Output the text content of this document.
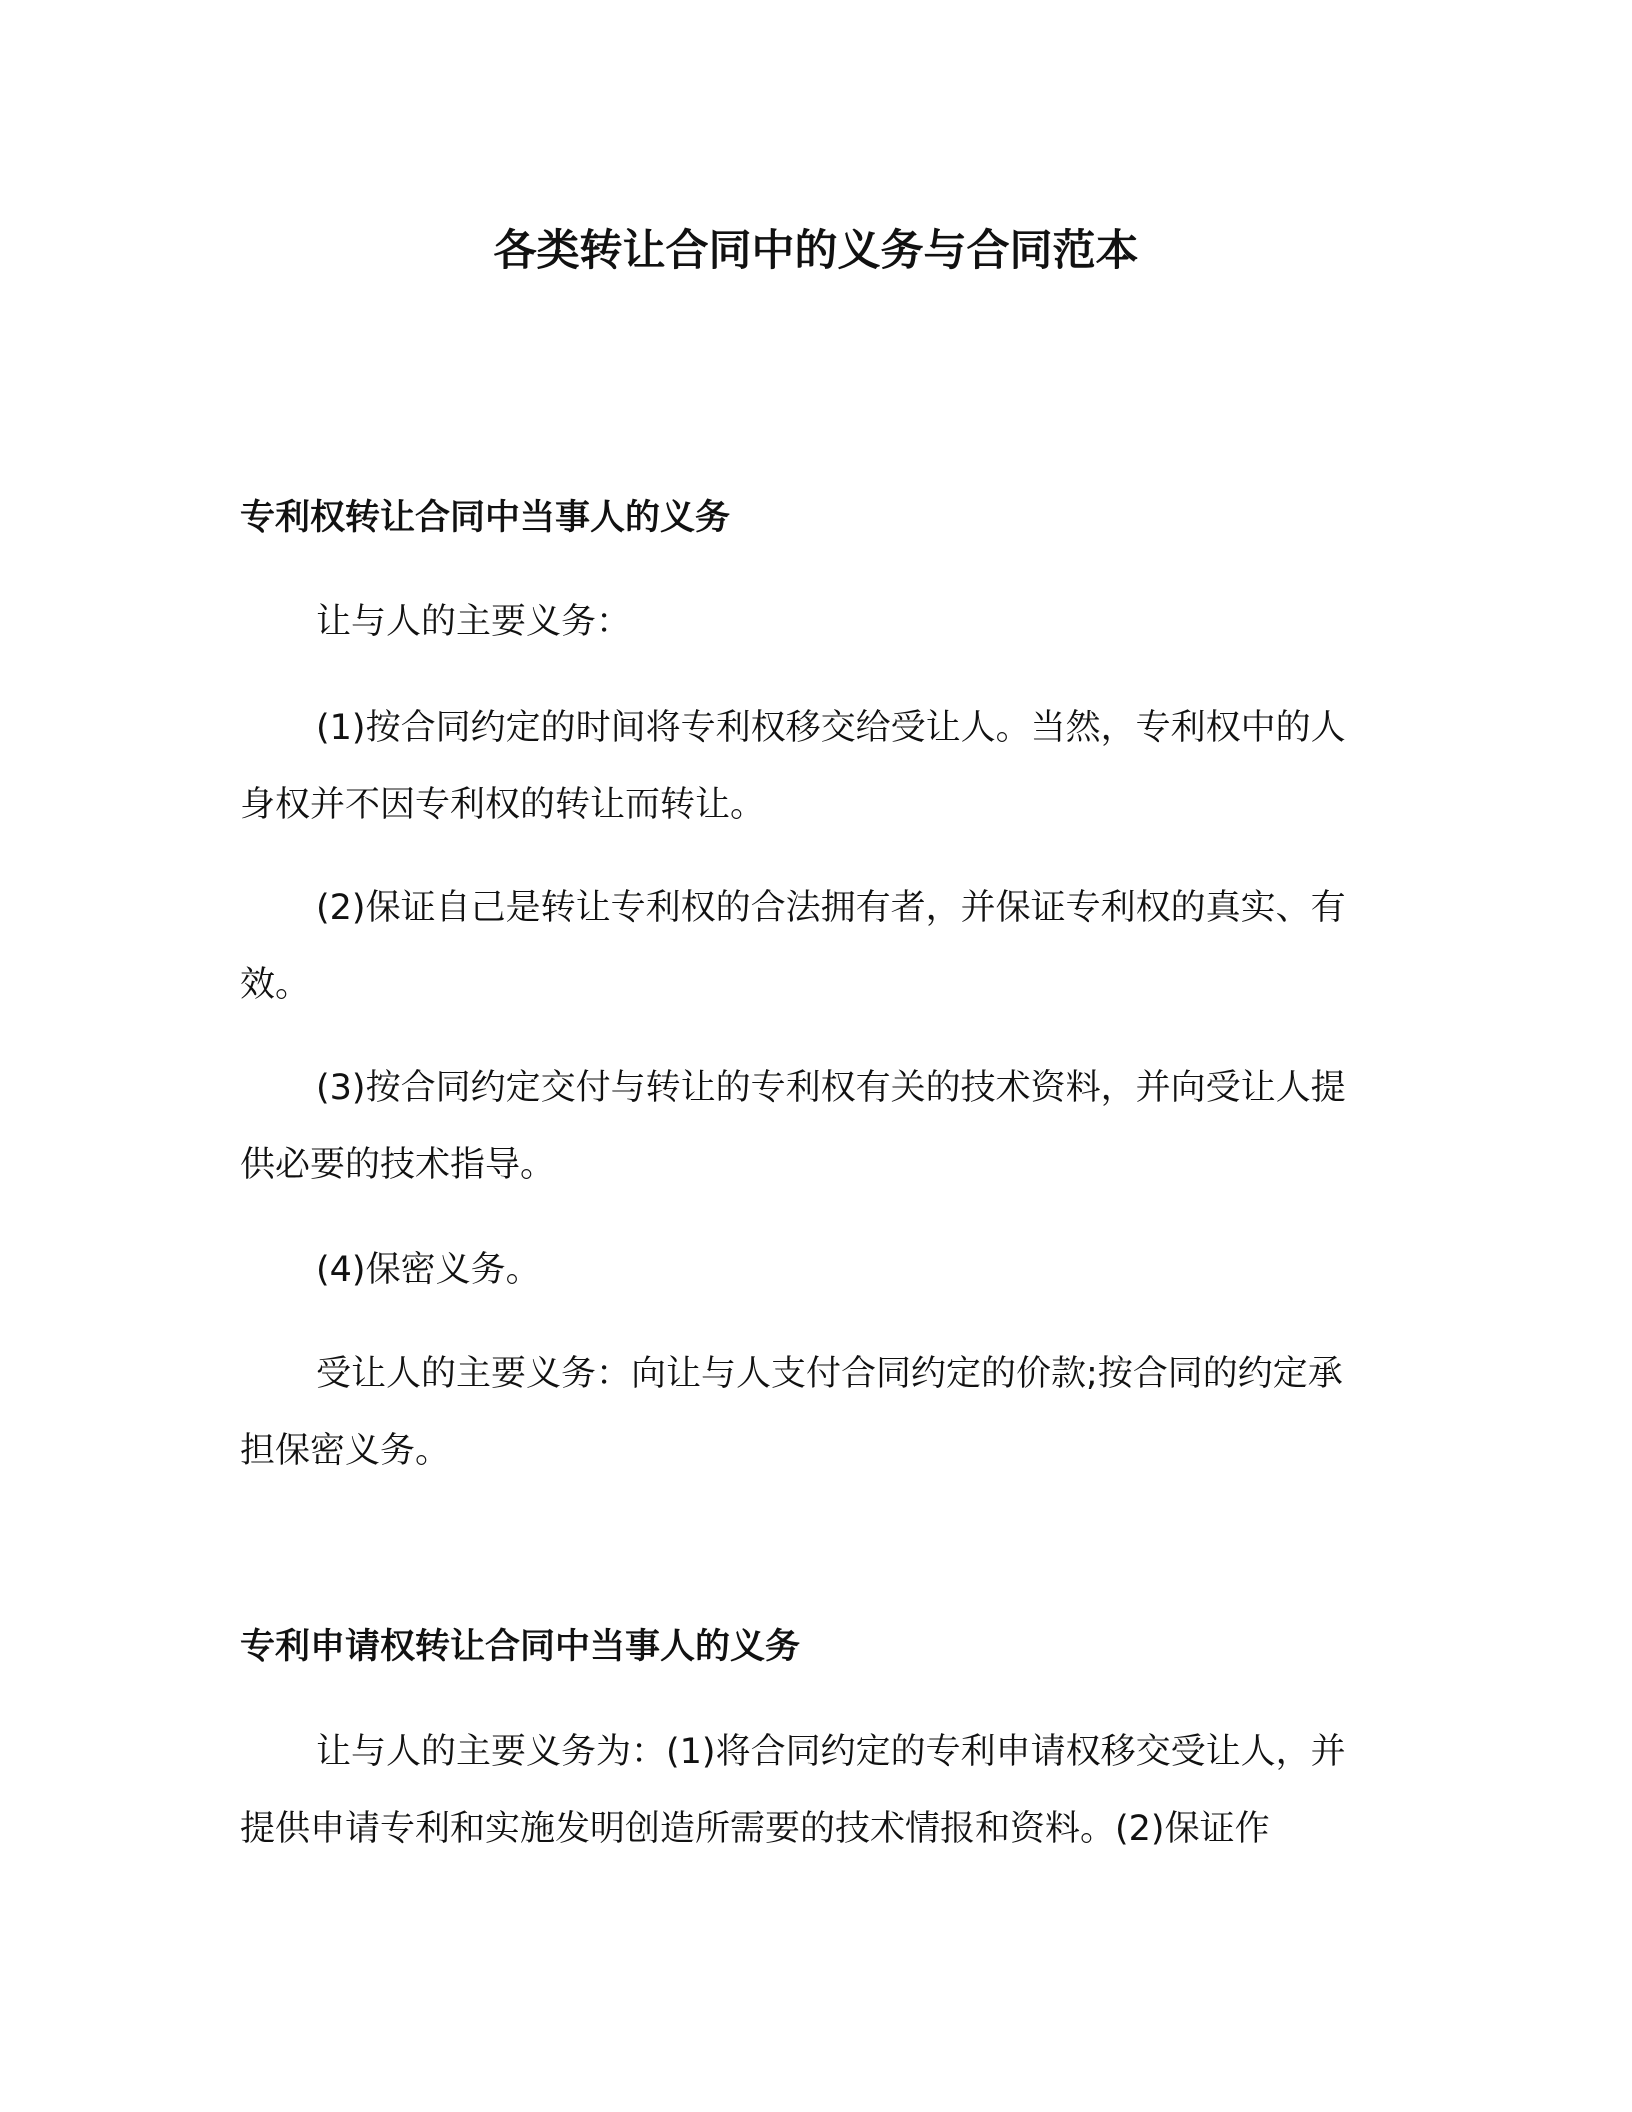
各类转让合同中的义务与合同范本
专利权转让合同中当事人的义务

让与人的主要义务：

(1)按合同约定的时间将专利权移交给受让人。当然，专利权中的人身权并不因专利权的转让而转让。

(2)保证自己是转让专利权的合法拥有者，并保证专利权的真实、有效。

(3)按合同约定交付与转让的专利权有关的技术资料，并向受让人提供必要的技术指导。

(4)保密义务。

受让人的主要义务：向让与人支付合同约定的价款;按合同的约定承担保密义务。

专利申请权转让合同中当事人的义务

让与人的主要义务为：(1)将合同约定的专利申请权移交受让人，并提供申请专利和实施发明创造所需要的技术情报和资料。(2)保证作
